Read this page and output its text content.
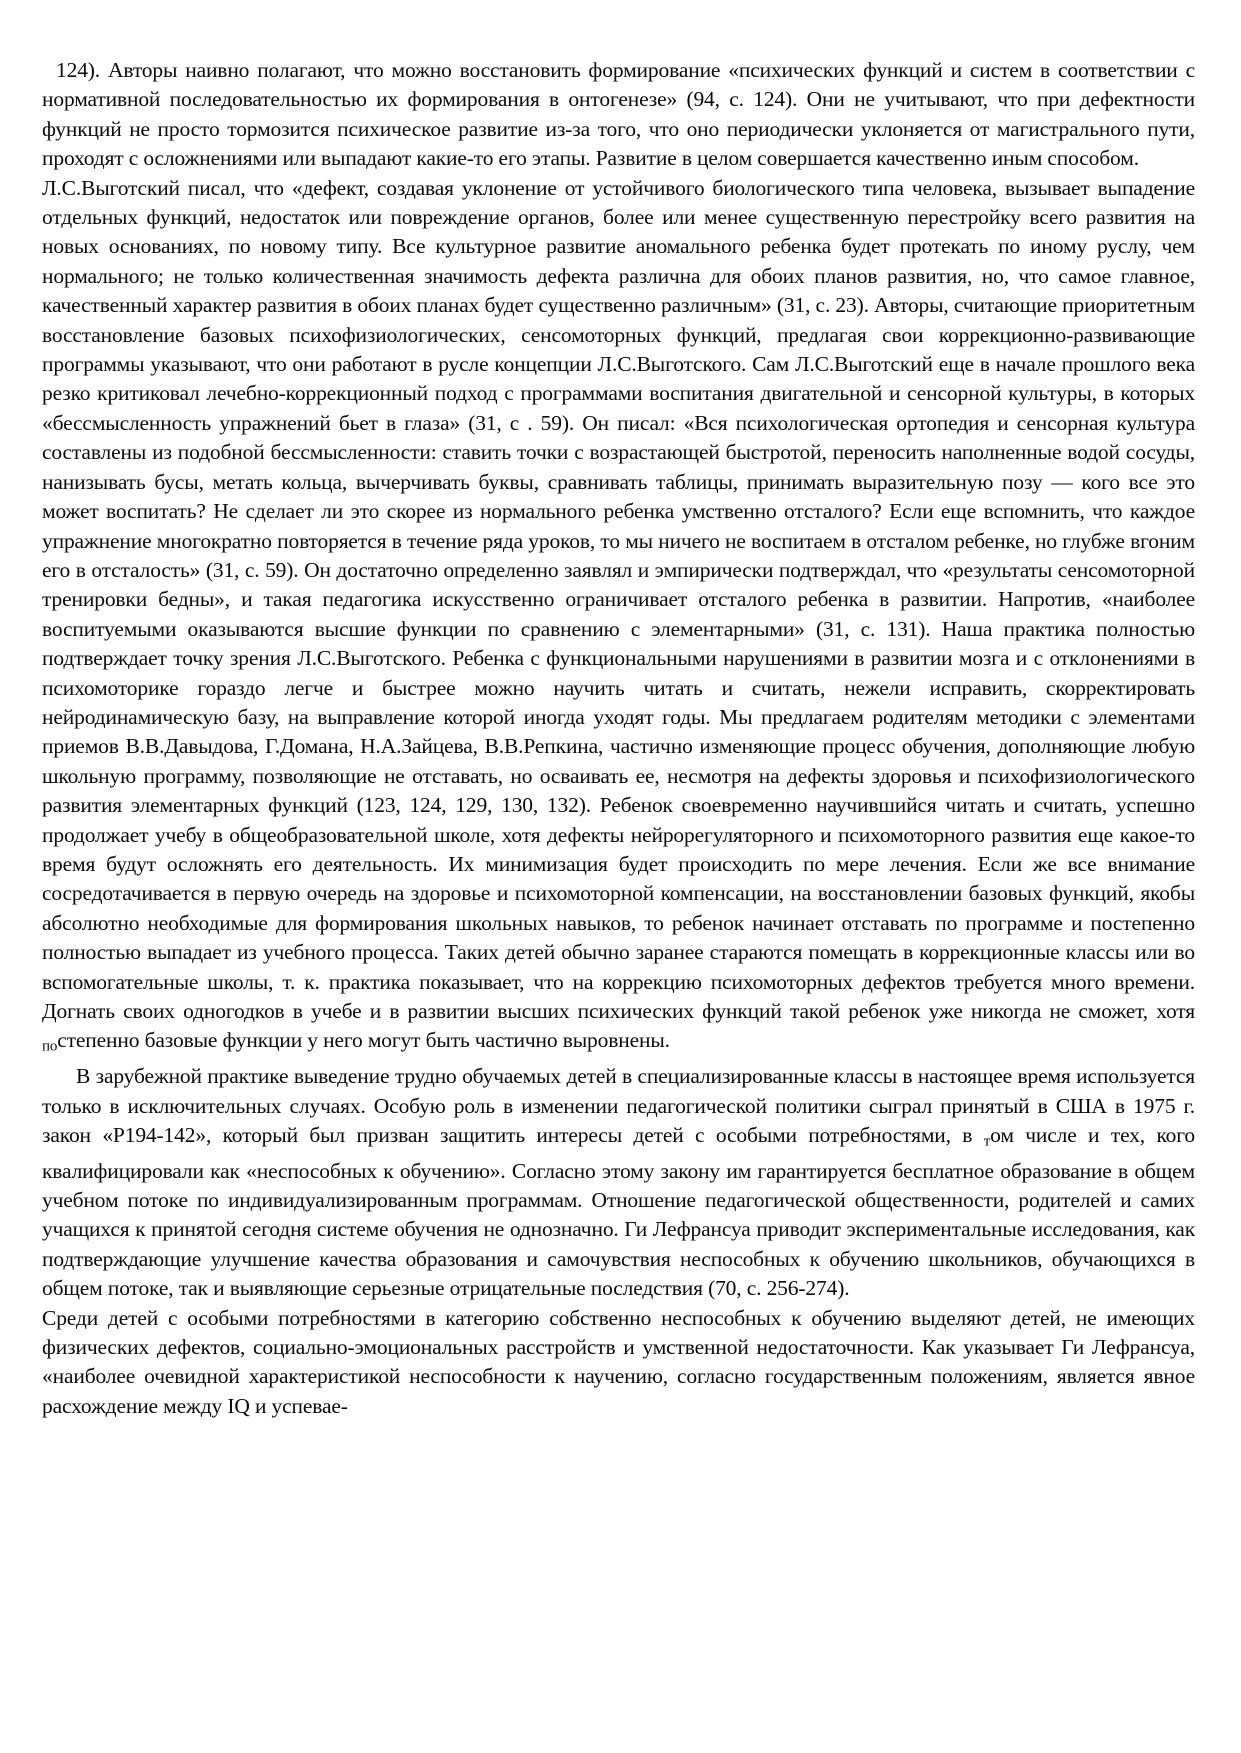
124). Авторы наивно полагают, что можно восстановить формирование «психических функций и систем в соответствии с нормативной последовательностью их формирования в онтогенезе» (94, с. 124). Они не учитывают, что при дефектности функций не просто тормозится психическое развитие из-за того, что оно периодически уклоняется от магистрального пути, проходят с осложнениями или выпадают какие-то его этапы. Развитие в целом совершается качественно иным способом.

Л.С.Выготский писал, что «дефект, создавая уклонение от устойчивого биологического типа человека, вызывает выпадение отдельных функций, недостаток или повреждение органов, более или менее существенную перестройку всего развития на новых основаниях, по новому типу. Все культурное развитие аномального ребенка будет протекать по иному руслу, чем нормального; не только количественная значимость дефекта различна для обоих планов развития, но, что самое главное, качественный характер развития в обоих планах будет существенно различным» (31, с. 23). Авторы, считающие приоритетным восстановление базовых психофизиологических, сенсомоторных функций, предлагая свои коррекционно-развивающие программы указывают, что они работают в русле концепции Л.С.Выготского. Сам Л.С.Выготский еще в начале прошлого века резко критиковал лечебно-коррекционный подход с программами воспитания двигательной и сенсорной культуры, в которых «бессмысленность упражнений бьет в глаза» (31, с . 59). Он писал: «Вся психологическая ортопедия и сенсорная культура составлены из подобной бессмысленности: ставить точки с возрастающей быстротой, переносить наполненные водой сосуды, нанизывать бусы, метать кольца, вычерчивать буквы, сравнивать таблицы, принимать выразительную позу — кого все это может воспитать? Не сделает ли это скорее из нормального ребенка умственно отсталого? Если еще вспомнить, что каждое упражнение многократно повторяется в течение ряда уроков, то мы ничего не воспитаем в отсталом ребенке, но глубже вгоним его в отсталость» (31, с. 59). Он достаточно определенно заявлял и эмпирически подтверждал, что «результаты сенсомоторной тренировки бедны», и такая педагогика искусственно ограничивает отсталого ребенка в развитии. Напротив, «наиболее воспитуемыми оказываются высшие функции по сравнению с элементарными» (31, с. 131). Наша практика полностью подтверждает точку зрения Л.С.Выготского. Ребенка с функциональными нарушениями в развитии мозга и с отклонениями в психомоторике гораздо легче и быстрее можно научить читать и считать, нежели исправить, скорректировать нейродинамическую базу, на выправление которой иногда уходят годы. Мы предлагаем родителям методики с элементами приемов В.В.Давыдова, Г.Домана, Н.А.Зайцева, В.В.Репкина, частично изменяющие процесс обучения, дополняющие любую школьную программу, позволяющие не отставать, но осваивать ее, несмотря на дефекты здоровья и психофизиологического развития элементарных функций (123, 124, 129, 130, 132). Ребенок своевременно научившийся читать и считать, успешно продолжает учебу в общеобразовательной школе, хотя дефекты нейрорегуляторного и психомоторного развития еще какое-то время будут осложнять его деятельность. Их минимизация будет происходить по мере лечения. Если же все внимание сосредотачивается в первую очередь на здоровье и психомоторной компенсации, на восстановлении базовых функций, якобы абсолютно необходимые для формирования школьных навыков, то ребенок начинает отставать по программе и постепенно полностью выпадает из учебного процесса. Таких детей обычно заранее стараются помещать в коррекционные классы или во вспомогательные школы, т. к. практика показывает, что на коррекцию психомоторных дефектов требуется много времени. Догнать своих одногодков в учебе и в развитии высших психических функций такой ребенок уже никогда не сможет, хотя постепенно базовые функции у него могут быть частично выровнены.

В зарубежной практике выведение трудно обучаемых детей в специализированные классы в настоящее время используется только в исключительных случаях. Особую роль в изменении педагогической политики сыграл принятый в США в 1975 г. закон «Р194-142», который был призван защитить интересы детей с особыми потребностями, в том числе и тех, кого квалифицировали как «неспособных к обучению». Согласно этому закону им гарантируется бесплатное образование в общем учебном потоке по индивидуализированным программам. Отношение педагогической общественности, родителей и самих учащихся к принятой сегодня системе обучения не однозначно. Ги Лефрансуа приводит экспериментальные исследования, как подтверждающие улучшение качества образования и самочувствия неспособных к обучению школьников, обучающихся в общем потоке, так и выявляющие серьезные отрицательные последствия (70, с. 256-274).

Среди детей с особыми потребностями в категорию собственно неспособных к обучению выделяют детей, не имеющих физических дефектов, социально-эмоциональных расстройств и умственной недостаточности. Как указывает Ги Лефрансуа, «наиболее очевидной характеристикой неспособности к научению, согласно государственным положениям, является явное расхождение между IQ и успевае-
